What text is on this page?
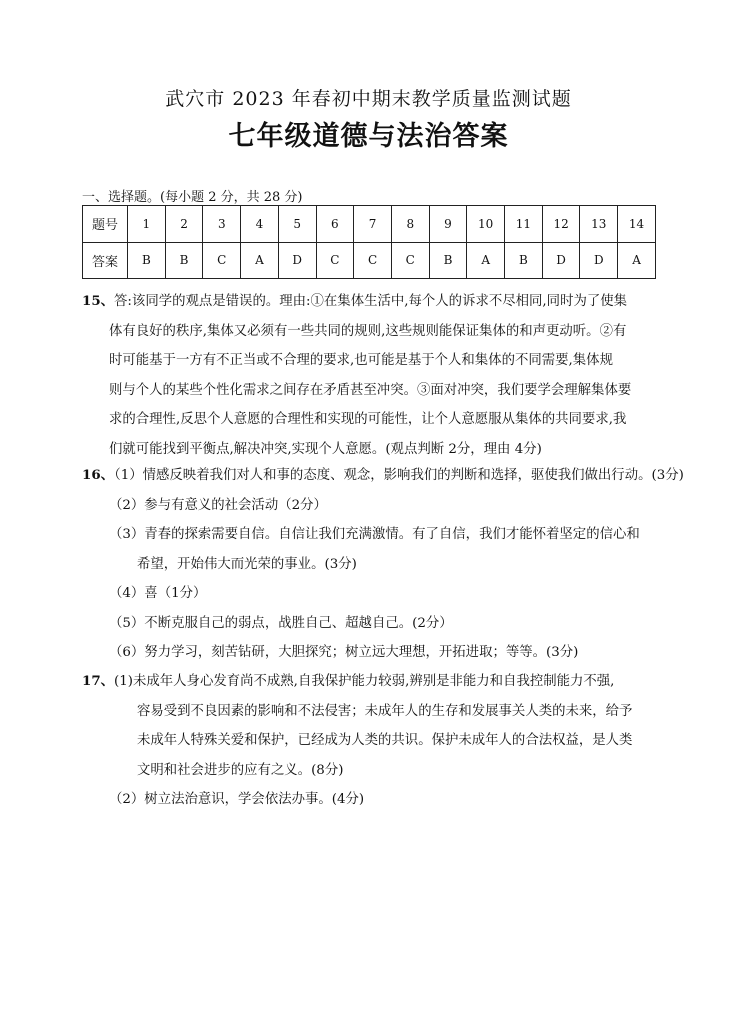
武穴市 2023 年春初中期末教学质量监测试题
七年级道德与法治答案
一、选择题。(每小题 2 分，共 28 分)
题号	1	2	3	4	5	6	7	8	9	10	11	12	13	14
答案	B	B	C	A	D	C	C	C	B	A	B	D	D	A
15、答:该同学的观点是错误的。理由:①在集体生活中,每个人的诉求不尽相同,同时为了使集
体有良好的秩序,集体又必须有一些共同的规则,这些规则能保证集体的和声更动听。②有
时可能基于一方有不正当或不合理的要求,也可能是基于个人和集体的不同需要,集体规
则与个人的某些个性化需求之间存在矛盾甚至冲突。③面对冲突，我们要学会理解集体要
求的合理性,反思个人意愿的合理性和实现的可能性，让个人意愿服从集体的共同要求,我
们就可能找到平衡点,解决冲突,实现个人意愿。(观点判断 2分，理由 4分)
16、（1）情感反映着我们对人和事的态度、观念，影响我们的判断和选择，驱使我们做出行动。(3分)
（2）参与有意义的社会活动（2分）
（3）青春的探索需要自信。自信让我们充满激情。有了自信，我们才能怀着坚定的信心和
希望，开始伟大而光荣的事业。(3分)
（4）喜（1分）
（5）不断克服自己的弱点，战胜自己、超越自己。(2分）
（6）努力学习，刻苦钻研，大胆探究；树立远大理想，开拓进取；等等。(3分)
17、(1)未成年人身心发育尚不成熟,自我保护能力较弱,辨别是非能力和自我控制能力不强,
容易受到不良因素的影响和不法侵害；未成年人的生存和发展事关人类的未来，给予
未成年人特殊关爱和保护，已经成为人类的共识。保护未成年人的合法权益，是人类
文明和社会进步的应有之义。(8分)
（2）树立法治意识，学会依法办事。(4分)
